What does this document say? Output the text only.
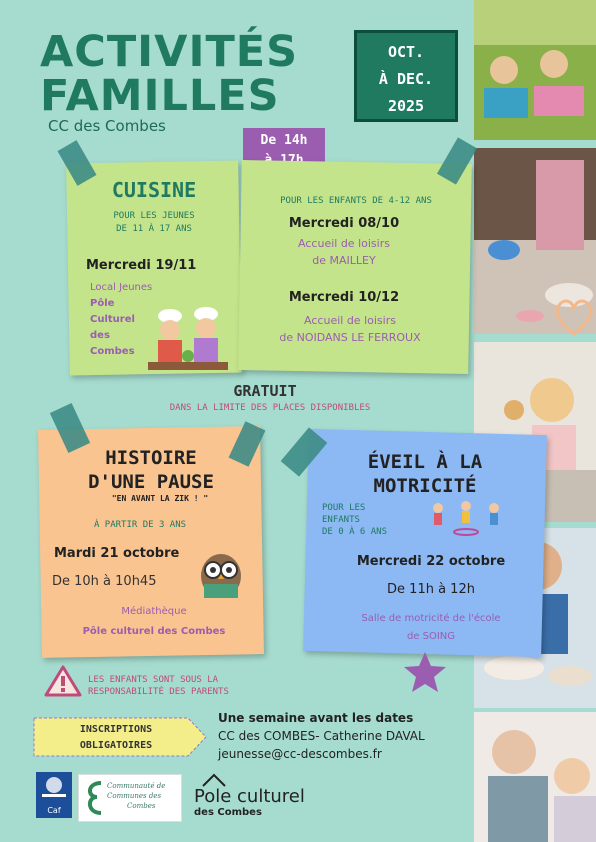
ACTIVITÉS
FAMILLES
CC des Combes
OCT.
À DEC.
2025
De 14h
CUISINE
POUR LES JEUNES
DE 11 À 17 ANS
Mercredi 19/11
Local Jeunes
Pôle
Culturel
des
Combes
POUR LES ENFANTS DE 4-12 ANS
Mercredi 08/10
Accueil de loisirs
de MAILLEY
Mercredi 10/12
Accueil de loisirs
de NOIDANS LE FERROUX
GRATUIT
DANS LA LIMITE DES PLACES DISPONIBLES
HISTOIRE
D'UNE PAUSE
"EN AVANT LA ZIK ! "
À PARTIR DE 3 ANS
Mardi 21 octobre
De 10h à 10h45
Médiathèque
Pôle culturel des Combes
ÉVEIL À LA
MOTRICITÉ
POUR LES
ENFANTS
DE 0 À 6 ANS
Mercredi 22 octobre
De 11h à 12h
Salle de motricité de l'école
de SOING
LES ENFANTS SONT SOUS LA
RESPONSABILITÉ DES PARENTS
INSCRIPTIONS
OBLIGATOIRES
Une semaine avant les dates
CC des COMBES- Catherine DAVAL
jeunesse@cc-descombes.fr
Caf
Communauté de
Communes des
Combes	Pole culturel
des Combes
